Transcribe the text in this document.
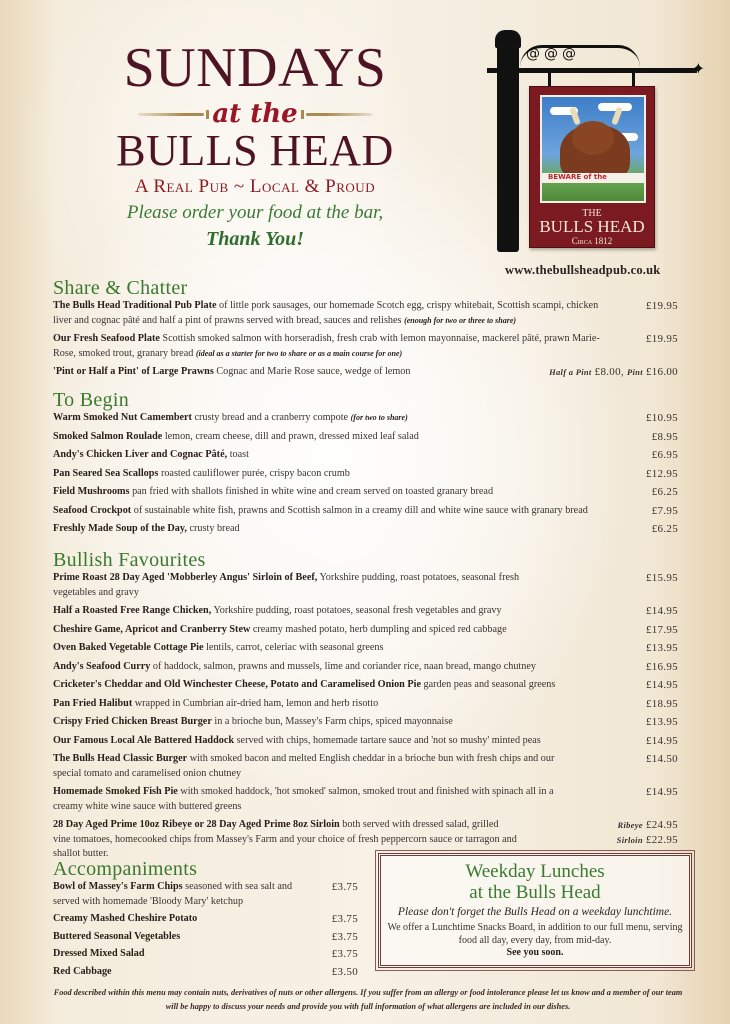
SUNDAYS
at the
BULLS HEAD
A Real Pub ~ Local & Proud
Please order your food at the bar,
Thank You!
@@@
✦
BEWARE of the
THE
BULLS HEAD
Circa 1812
www.thebullsheadpub.co.uk
Share & Chatter
The Bulls Head Traditional Pub Plate of little pork sausages, our homemade Scotch egg, crispy whitebait, Scottish scampi, chicken liver and cognac pâté and half a pint of prawns served with bread, sauces and relishes (enough for two or three to share)
£19.95
Our Fresh Seafood Plate Scottish smoked salmon with horseradish, fresh crab with lemon mayonnaise, mackerel pâté, prawn Marie-Rose, smoked trout, granary bread (ideal as a starter for two to share or as a main course for one)
£19.95
'Pint or Half a Pint' of Large Prawns Cognac and Marie Rose sauce, wedge of lemon	Half a Pint £8.00, Pint £16.00
To Begin
Warm Smoked Nut Camembert crusty bread and a cranberry compote (for two to share)	£10.95
Smoked Salmon Roulade lemon, cream cheese, dill and prawn, dressed mixed leaf salad	£8.95
Andy's Chicken Liver and Cognac Pâté, toast	£6.95
Pan Seared Sea Scallops roasted cauliflower purée, crispy bacon crumb	£12.95
Field Mushrooms pan fried with shallots finished in white wine and cream served on toasted granary bread	£6.25
Seafood Crockpot of sustainable white fish, prawns and Scottish salmon in a creamy dill and white wine sauce with granary bread	£7.95
Freshly Made Soup of the Day, crusty bread	£6.25
Bullish Favourites
Prime Roast 28 Day Aged 'Mobberley Angus' Sirloin of Beef, Yorkshire pudding, roast potatoes, seasonal fresh vegetables and gravy
£15.95
Half a Roasted Free Range Chicken, Yorkshire pudding, roast potatoes, seasonal fresh vegetables and gravy	£14.95
Cheshire Game, Apricot and Cranberry Stew creamy mashed potato, herb dumpling and spiced red cabbage	£17.95
Oven Baked Vegetable Cottage Pie lentils, carrot, celeriac with seasonal greens	£13.95
Andy's Seafood Curry of haddock, salmon, prawns and mussels, lime and coriander rice, naan bread, mango chutney	£16.95
Cricketer's Cheddar and Old Winchester Cheese, Potato and Caramelised Onion Pie garden peas and seasonal greens	£14.95
Pan Fried Halibut wrapped in Cumbrian air-dried ham, lemon and herb risotto	£18.95
Crispy Fried Chicken Breast Burger in a brioche bun, Massey's Farm chips, spiced mayonnaise	£13.95
Our Famous Local Ale Battered Haddock served with chips, homemade tartare sauce and 'not so mushy' minted peas	£14.95
The Bulls Head Classic Burger with smoked bacon and melted English cheddar in a brioche bun with fresh chips and our special tomato and caramelised onion chutney
£14.50
Homemade Smoked Fish Pie with smoked haddock, 'hot smoked' salmon, smoked trout and finished with spinach all in a creamy white wine sauce with buttered greens
£14.95
28 Day Aged Prime 10oz Ribeye or 28 Day Aged Prime 8oz Sirloin both served with dressed salad, grilled vine tomatoes, homecooked chips from Massey's Farm and your choice of fresh peppercorn sauce or tarragon and shallot butter.
Ribeye £24.95
Sirloin £22.95
Accompaniments
Bowl of Massey's Farm Chips seasoned with sea salt and served with homemade 'Bloody Mary' ketchup
£3.75
Creamy Mashed Cheshire Potato	£3.75
Buttered Seasonal Vegetables	£3.75
Dressed Mixed Salad	£3.75
Red Cabbage	£3.50
Weekday Lunches
at the Bulls Head
Please don't forget the Bulls Head on a weekday lunchtime.
We offer a Lunchtime Snacks Board, in addition to our full menu, serving food all day, every day, from mid-day.
See you soon.
Food described within this menu may contain nuts, derivatives of nuts or other allergens. If you suffer from an allergy or food intolerance please let us know and a member of our team will be happy to discuss your needs and provide you with full information of what allergens are included in our dishes.
